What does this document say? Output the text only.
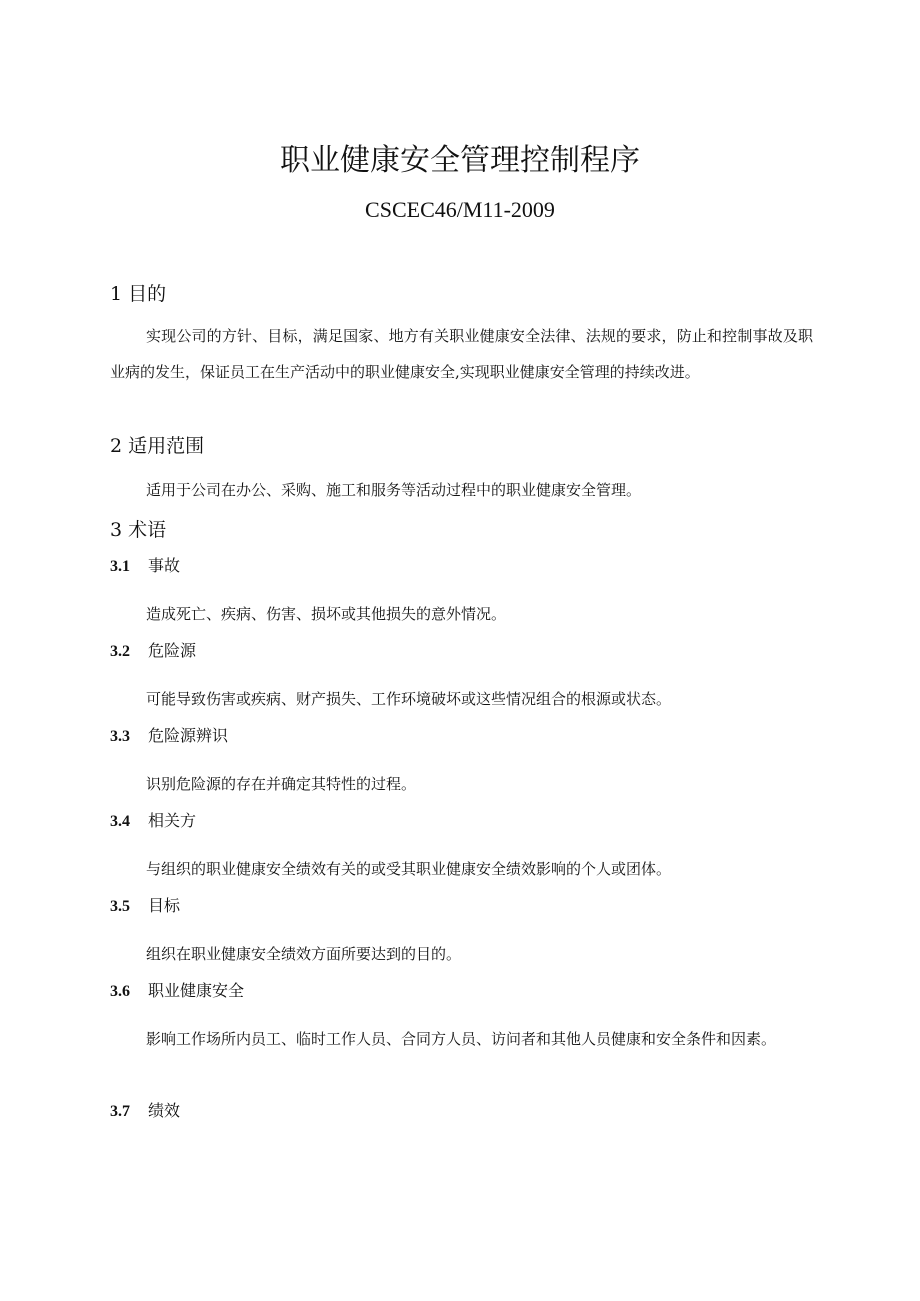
职业健康安全管理控制程序
CSCEC46/M11-2009
1 目的
实现公司的方针、目标，满足国家、地方有关职业健康安全法律、法规的要求，防止和控制事故及职业病的发生，保证员工在生产活动中的职业健康安全,实现职业健康安全管理的持续改进。
2 适用范围
适用于公司在办公、采购、施工和服务等活动过程中的职业健康安全管理。
3 术语
3.1 事故
造成死亡、疾病、伤害、损坏或其他损失的意外情况。
3.2 危险源
可能导致伤害或疾病、财产损失、工作环境破坏或这些情况组合的根源或状态。
3.3 危险源辨识
识别危险源的存在并确定其特性的过程。
3.4 相关方
与组织的职业健康安全绩效有关的或受其职业健康安全绩效影响的个人或团体。
3.5 目标
组织在职业健康安全绩效方面所要达到的目的。
3.6 职业健康安全
影响工作场所内员工、临时工作人员、合同方人员、访问者和其他人员健康和安全条件和因素。
3.7 绩效
